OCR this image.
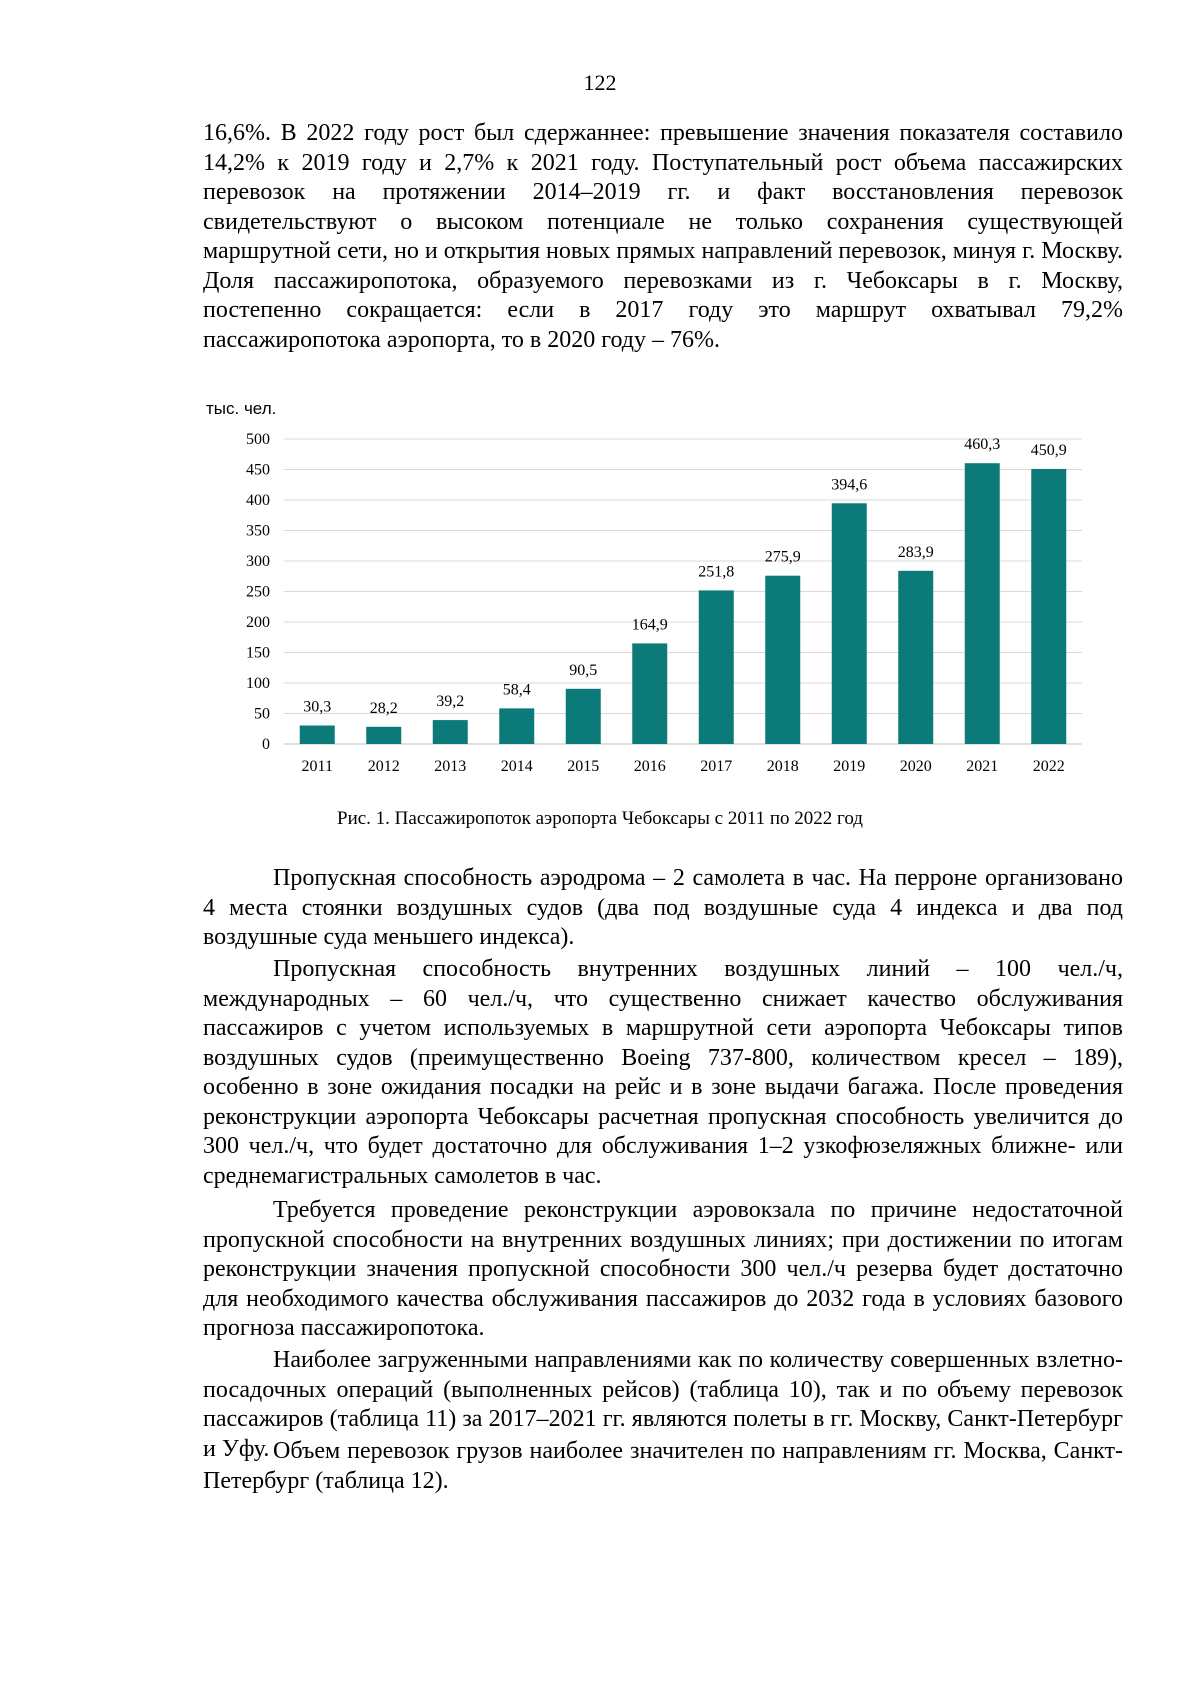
122

16,6%. В 2022 году рост был сдержаннее: превышение значения показателя составило 14,2% к 2019 году и 2,7% к 2021 году. Поступательный рост объема пассажирских перевозок на протяжении 2014–2019 гг. и факт восстановления перевозок свидетельствуют о высоком потенциале не только сохранения существующей маршрутной сети, но и открытия новых прямых направлений перевозок, минуя г. Москву. Доля пассажиропотока, образуемого перевозками из г. Чебоксары в г. Москву, постепенно сокращается: если в 2017 году это маршрут охватывал 79,2% пассажиропотока аэропорта, то в 2020 году – 76%.

тыс. чел.
0
50
100
150
200
250
300
350
400
450
500
30,3
2011
28,2
2012
39,2
2013
58,4
2014
90,5
2015
164,9
2016
251,8
2017
275,9
2018
394,6
2019
283,9
2020
460,3
2021
450,9
2022
Рис. 1. Пассажиропоток аэропорта Чебоксары с 2011 по 2022 год

Пропускная способность аэродрома – 2 самолета в час. На перроне организовано 4 места стоянки воздушных судов (два под воздушные суда 4 индекса и два под воздушные суда меньшего индекса).

Пропускная способность внутренних воздушных линий – 100 чел./ч, международных – 60 чел./ч, что существенно снижает качество обслуживания пассажиров с учетом используемых в маршрутной сети аэропорта Чебоксары типов воздушных судов (преимущественно Boeing 737-800, количеством кресел – 189), особенно в зоне ожидания посадки на рейс и в зоне выдачи багажа. После проведения реконструкции аэропорта Чебоксары расчетная пропускная способность увеличится до 300 чел./ч, что будет достаточно для обслуживания 1–2 узкофюзеляжных ближне- или среднемагистральных самолетов в час.

Требуется проведение реконструкции аэровокзала по причине недостаточной пропускной способности на внутренних воздушных линиях; при достижении по итогам реконструкции значения пропускной способности 300 чел./ч резерва будет достаточно для необходимого качества обслуживания пассажиров до 2032 года в условиях базового прогноза пассажиропотока.

Наиболее загруженными направлениями как по количеству совершенных взлетно-посадочных операций (выполненных рейсов) (таблица 10), так и по объему перевозок пассажиров (таблица 11) за 2017–2021 гг. являются полеты в гг. Москву, Санкт-Петербург и Уфу. Объем перевозок грузов наиболее значителен по направлениям гг. Москва, Санкт-Петербург (таблица 12).
